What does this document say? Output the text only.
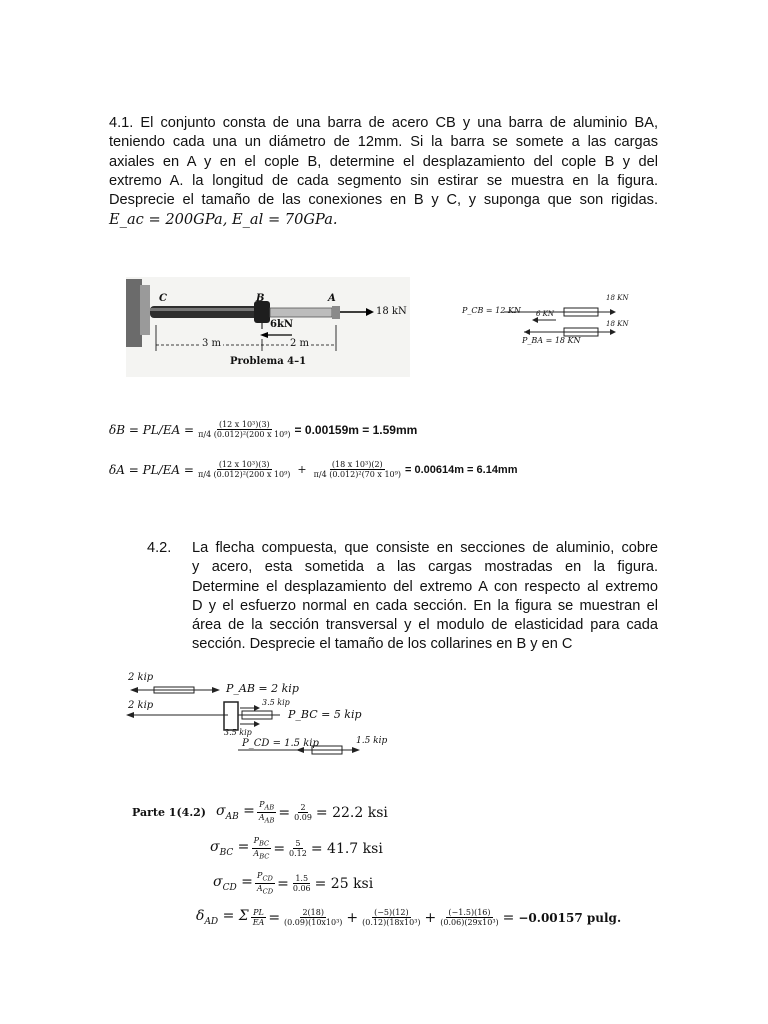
4.1. El conjunto consta de una barra de acero CB y una barra de aluminio BA,
teniendo cada una un diámetro de 12mm. Si la barra se somete a las cargas
axiales en A y en el cople B, determine el desplazamiento del cople B y del
extremo A. la longitud de cada segmento sin estirar se muestra en la figura.
Desprecie el tamaño de las conexiones en B y C, y suponga que son rigidas.
E_ac = 200GPa, E_al = 70GPa.
C	B	A
18 kN
6kN
3 m	2 m
Problema 4–1
P_CB = 12 KN
18 KN
6 KN
P_BA = 18 KN
18 KN
$\delta B = PL/EA = \frac{\text{(12 x 10³)(3)}}{\text{π/4 (0.012)²(200 x 10⁹)}} = 0.00159m = 1.59mm$
$\delta A = PL/EA = \frac{\text{(12 x 10³)(3)}}{\text{π/4 (0.012)²(200 x 10⁹)}} + \frac{\text{(18 x 10³)(2)}}{\text{π/4 (0.012)²(70 x 10⁹)}} = 0.00614m = 6.14mm$
4.2. La flecha compuesta, que consiste en secciones de aluminio, cobre
y acero, esta sometida a las cargas mostradas en la figura.
Determine el desplazamiento del extremo A con respecto al extremo
D y el esfuerzo normal en cada sección. En la figura se muestran el
área de la sección transversal y el modulo de elasticidad para cada
sección. Desprecie el tamaño de los collarines en B y en C
2 kip
P_AB = 2 kip
2 kip	3.5 kip
P_BC = 5 kip
3.5 kip
P_CD = 1.5 kip	1.5 kip
Parte 1(4.2) $\sigma_{AB} = \frac{P_{AB}}{A_{AB}} = \frac{2}{0.09} = 22.2$ ksi
$\sigma_{BC} = \frac{P_{BC}}{A_{BC}} = \frac{5}{0.12} = 41.7$ ksi
$\sigma_{CD} = \frac{P_{CD}}{A_{CD}} = \frac{1.5}{0.06} = 25$ ksi
$\delta_{AD} = \Sigma \frac{PL}{EA} = \frac{2(18)}{\text{(0.09)(10x10³)}} + \frac{(-5)(12)}{\text{(0.12)(18x10³)}} + \frac{(-1.5)(16)}{\text{(0.06)(29x10³)}} = -0.00157$ pulg.
